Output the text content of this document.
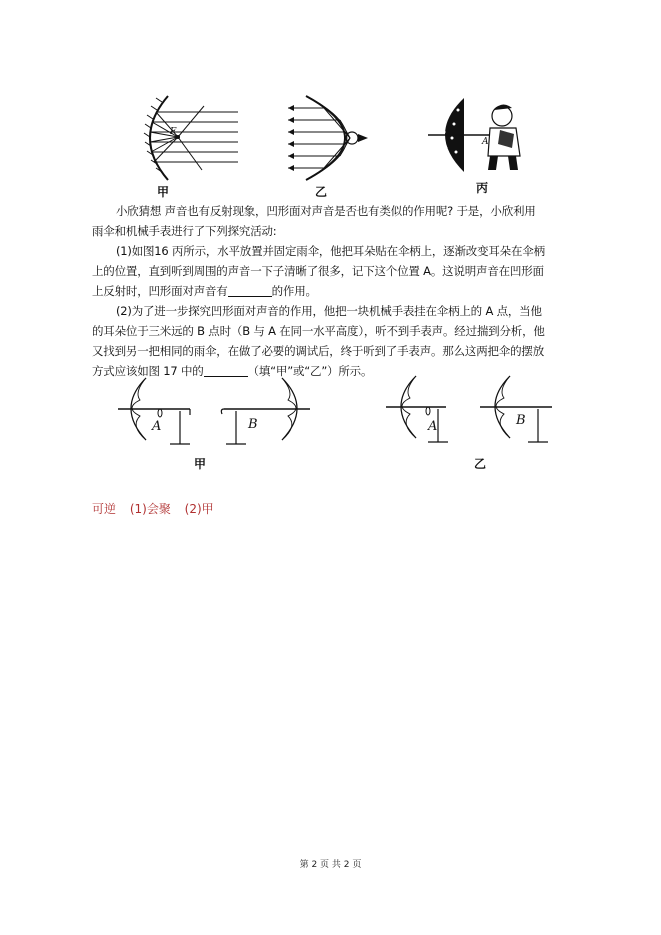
F
甲	乙
A
丙
小欣猜想 声音也有反射现象，凹形面对声音是否也有类似的作用呢? 于是，小欣利用
雨伞和机械手表进行了下列探究活动:
(1)如图16 丙所示，水平放置并固定雨伞，他把耳朵贴在伞柄上，逐渐改变耳朵在伞柄
上的位置，直到听到周围的声音一下子清晰了很多，记下这个位置 A。这说明声音在凹形面
上反射时，凹形面对声音有	的作用。
(2)为了进一步探究凹形面对声音的作用，他把一块机械手表挂在伞柄上的 A 点，当他
的耳朵位于三米远的 B 点时（B 与 A 在同一水平高度），听不到手表声。经过揣到分析，他
又找到另一把相同的雨伞，在做了必要的调试后，终于听到了手表声。那么这两把伞的摆放
方式应该如图 17 中的	（填“甲”或“乙”）所示。
A	B
甲
A	B
乙
可逆 (1)会聚 (2)甲
第 2 页 共 2 页
